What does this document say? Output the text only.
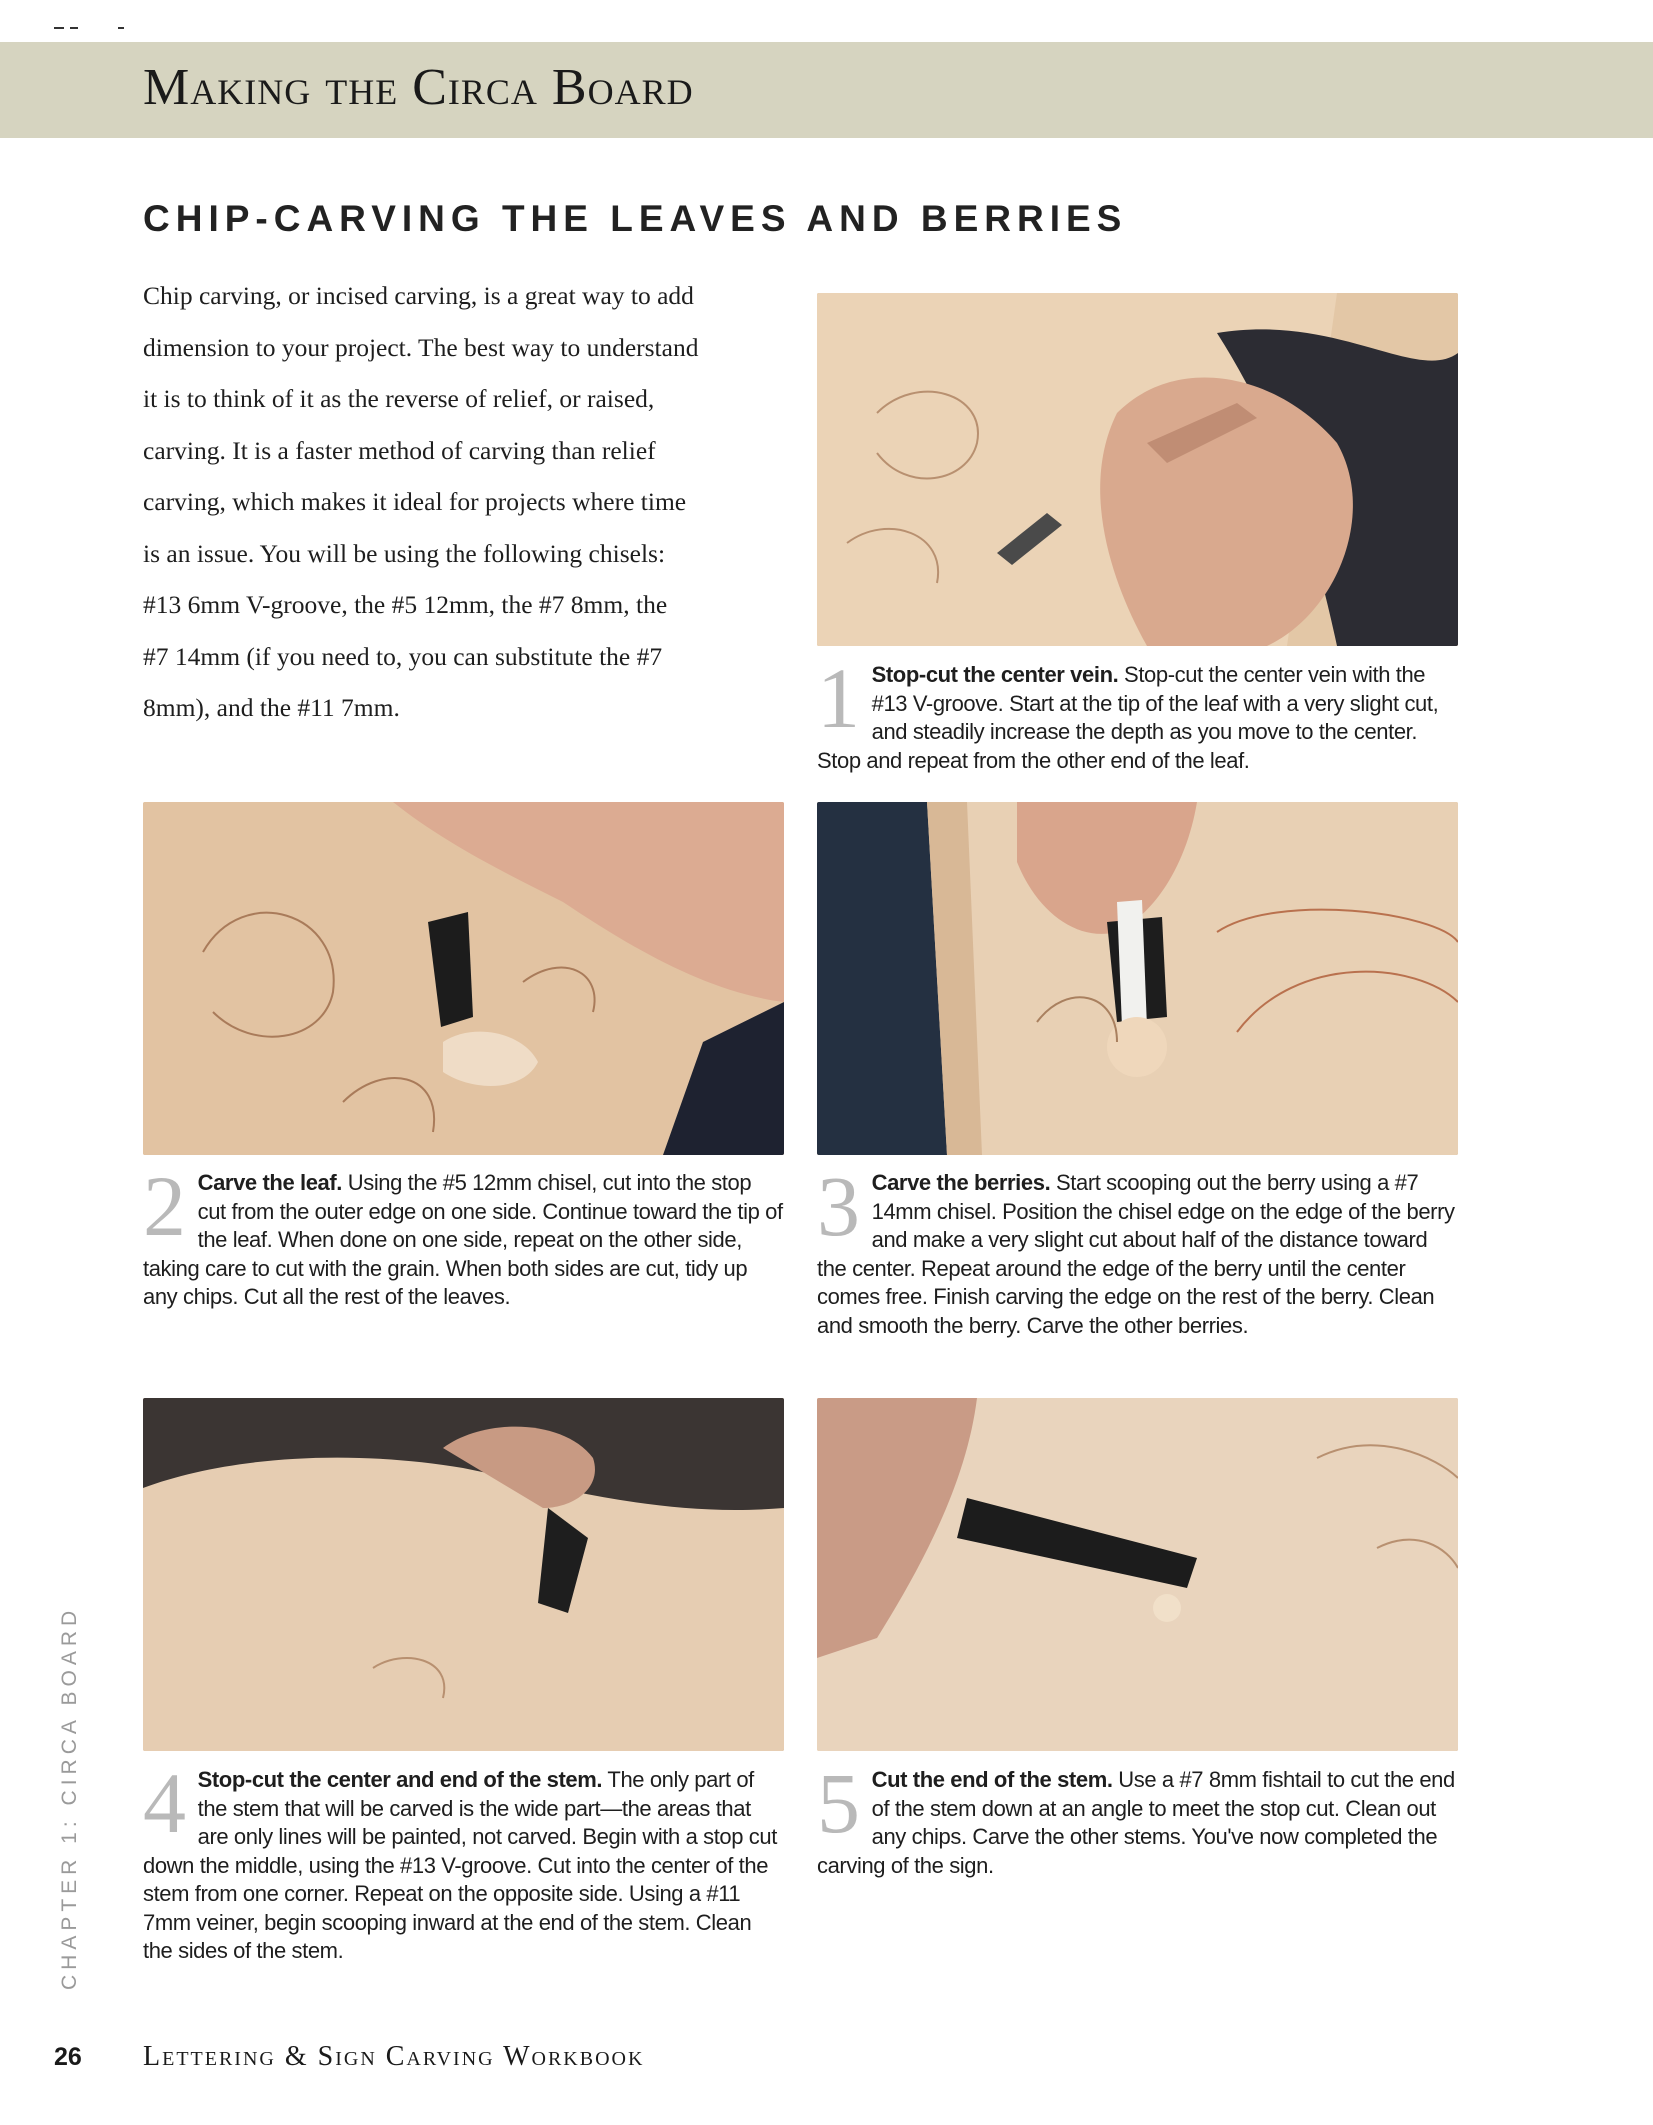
Making the Circa Board
CHIP-CARVING THE LEAVES AND BERRIES
Chip carving, or incised carving, is a great way to add
dimension to your project. The best way to understand
it is to think of it as the reverse of relief, or raised,
carving. It is a faster method of carving than relief
carving, which makes it ideal for projects where time
is an issue. You will be using the following chisels:
#13 6mm V-groove, the #5 12mm, the #7 8mm, the
#7 14mm (if you need to, you can substitute the #7
8mm), and the #11 7mm.	1 Stop-cut the center vein. Stop-cut the center vein with the #13 V-groove. Start at the tip of the leaf with a very slight cut, and steadily increase the depth as you move to the center. Stop and repeat from the other end of the leaf.
2 Carve the leaf. Using the #5 12mm chisel, cut into the stop cut from the outer edge on one side. Continue toward the tip of the leaf. When done on one side, repeat on the other side, taking care to cut with the grain. When both sides are cut, tidy up any chips. Cut all the rest of the leaves.
3 Carve the berries. Start scooping out the berry using a #7 14mm chisel. Position the chisel edge on the edge of the berry and make a very slight cut about half of the distance toward the center. Repeat around the edge of the berry until the center comes free. Finish carving the edge on the rest of the berry. Clean and smooth the berry. Carve the other berries.
4 Stop-cut the center and end of the stem. The only part of the stem that will be carved is the wide part—the areas that are only lines will be painted, not carved. Begin with a stop cut down the middle, using the #13 V-groove. Cut into the center of the stem from one corner. Repeat on the opposite side. Using a #11 7mm veiner, begin scooping inward at the end of the stem. Clean the sides of the stem.
5 Cut the end of the stem. Use a #7 8mm fishtail to cut the end of the stem down at an angle to meet the stop cut. Clean out any chips. Carve the other stems. You've now completed the carving of the sign.
CHAPTER 1: CIRCA BOARD
26 Lettering & Sign Carving Workbook
